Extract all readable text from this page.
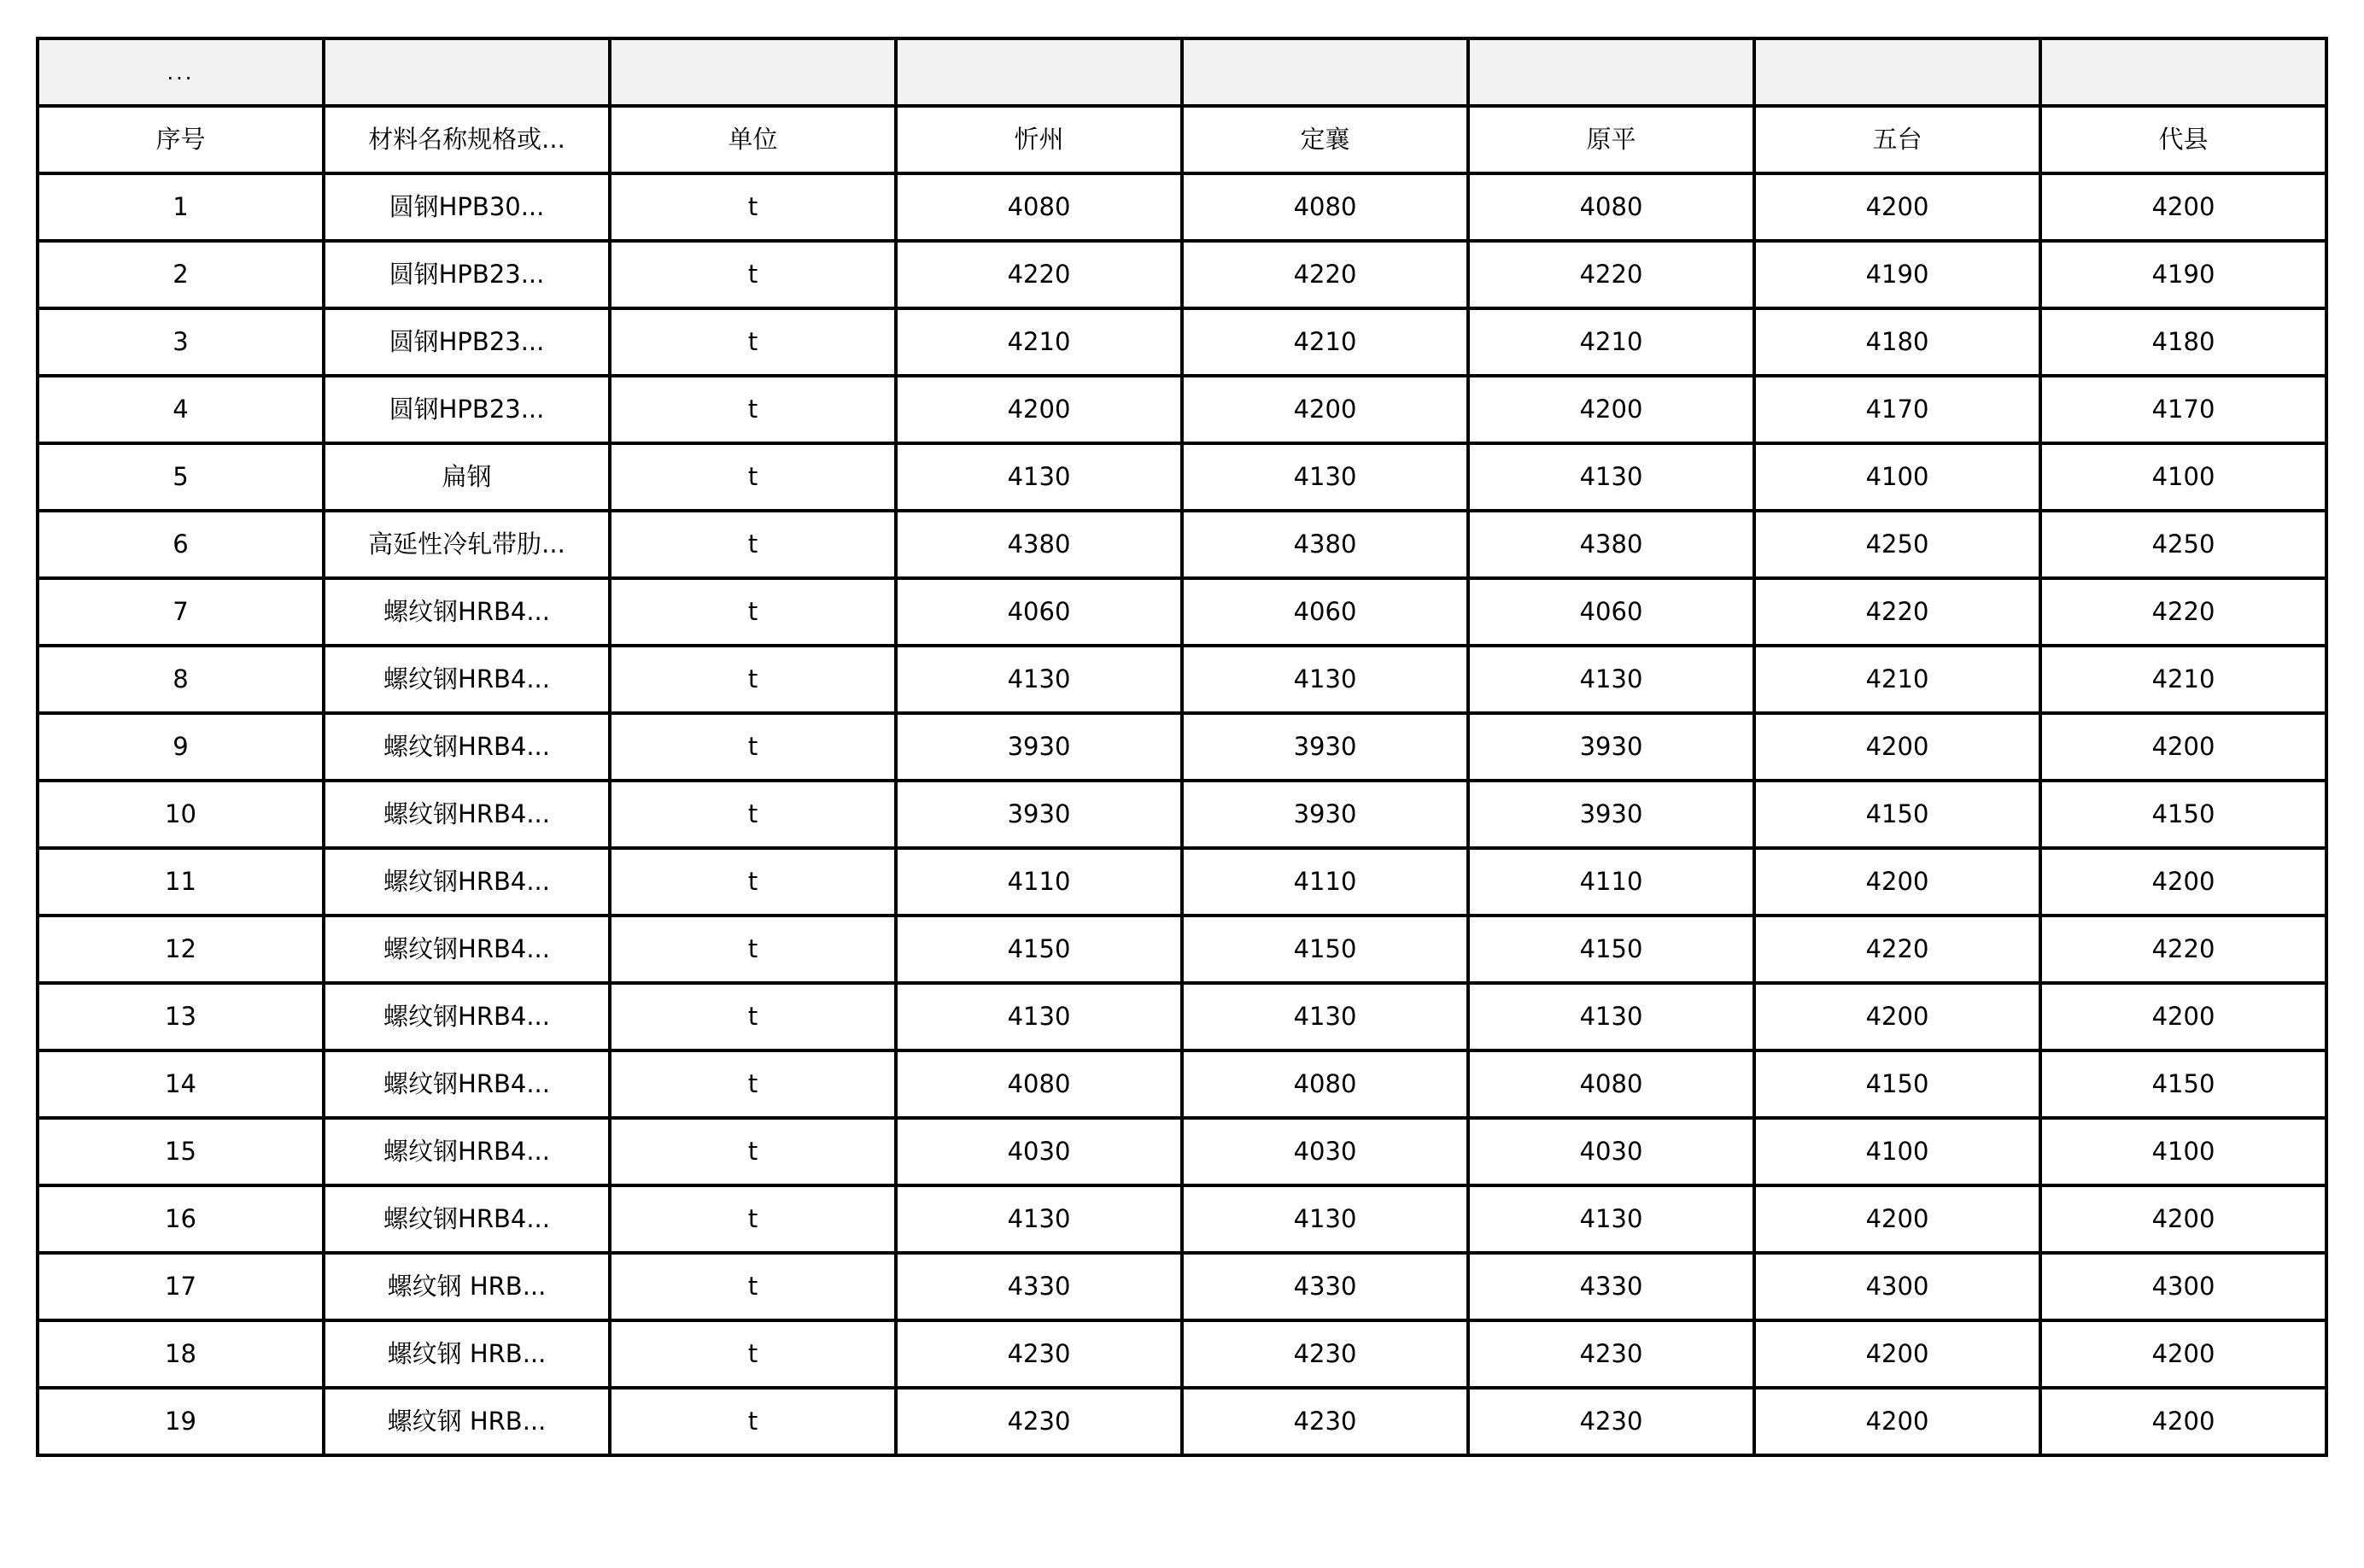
...							
序号	材料名称规格或...	单位	忻州	定襄	原平	五台	代县
1	圆钢HPB30...	t	4080	4080	4080	4200	4200
2	圆钢HPB23...	t	4220	4220	4220	4190	4190
3	圆钢HPB23...	t	4210	4210	4210	4180	4180
4	圆钢HPB23...	t	4200	4200	4200	4170	4170
5	扁钢	t	4130	4130	4130	4100	4100
6	高延性冷轧带肋...	t	4380	4380	4380	4250	4250
7	螺纹钢HRB4...	t	4060	4060	4060	4220	4220
8	螺纹钢HRB4...	t	4130	4130	4130	4210	4210
9	螺纹钢HRB4...	t	3930	3930	3930	4200	4200
10	螺纹钢HRB4...	t	3930	3930	3930	4150	4150
11	螺纹钢HRB4...	t	4110	4110	4110	4200	4200
12	螺纹钢HRB4...	t	4150	4150	4150	4220	4220
13	螺纹钢HRB4...	t	4130	4130	4130	4200	4200
14	螺纹钢HRB4...	t	4080	4080	4080	4150	4150
15	螺纹钢HRB4...	t	4030	4030	4030	4100	4100
16	螺纹钢HRB4...	t	4130	4130	4130	4200	4200
17	螺纹钢 HRB...	t	4330	4330	4330	4300	4300
18	螺纹钢 HRB...	t	4230	4230	4230	4200	4200
19	螺纹钢 HRB...	t	4230	4230	4230	4200	4200
